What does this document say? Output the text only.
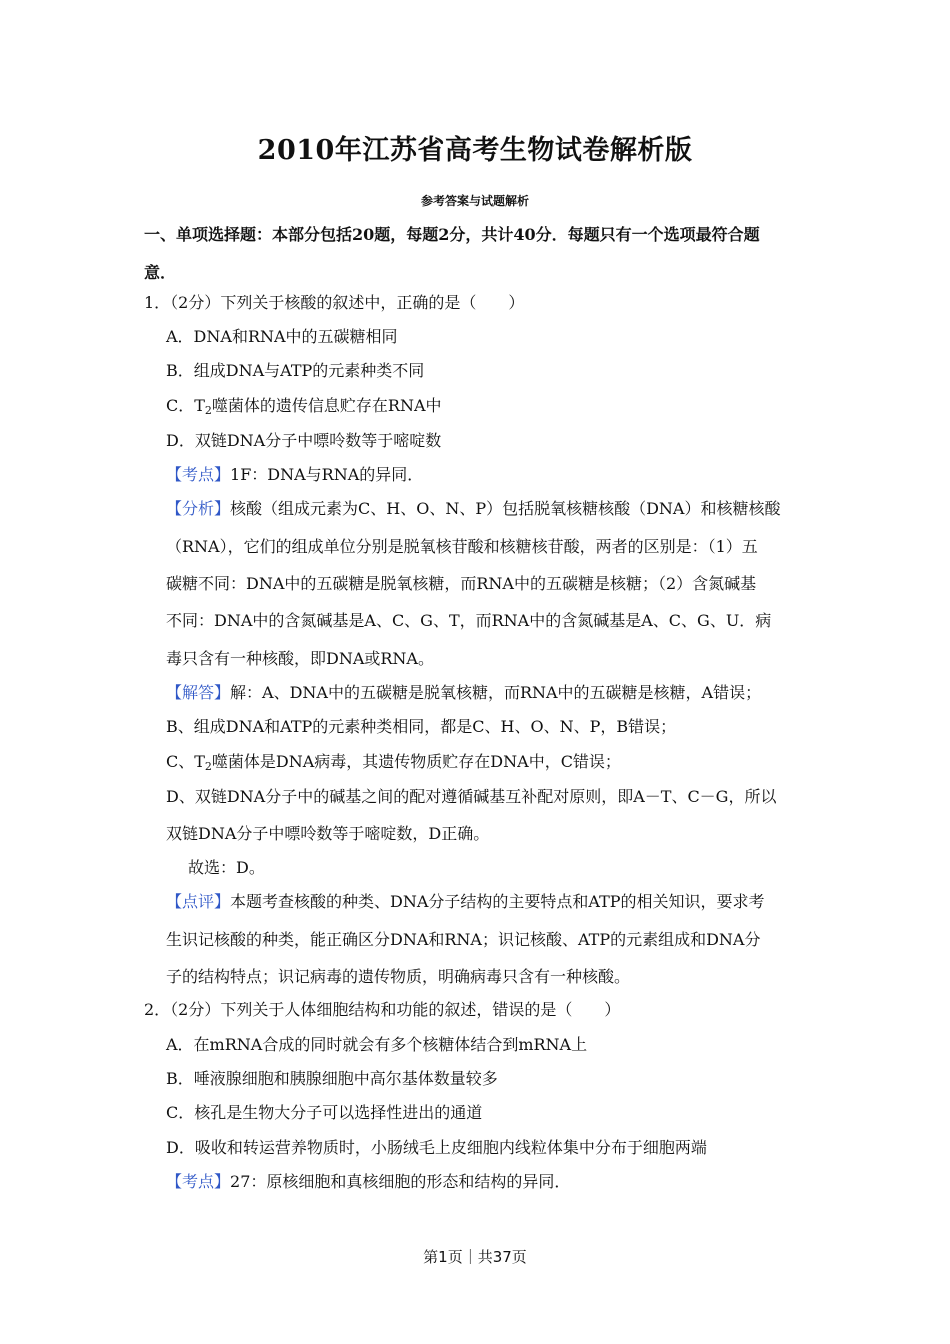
2010年江苏省高考生物试卷解析版
参考答案与试题解析
一、单项选择题：本部分包括20题，每题2分，共计40分．每题只有一个选项最符合题
意．
1．（2分）下列关于核酸的叙述中，正确的是（　　）
A．DNA和RNA中的五碳糖相同
B．组成DNA与ATP的元素种类不同
C．$T_2$噬菌体的遗传信息贮存在RNA中
D．双链DNA分子中嘌呤数等于嘧啶数
【考点】1F：DNA与RNA的异同．
【分析】核酸（组成元素为C、H、O、N、P）包括脱氧核糖核酸（DNA）和核糖核酸
（RNA），它们的组成单位分别是脱氧核苷酸和核糖核苷酸，两者的区别是：（1）五
碳糖不同：DNA中的五碳糖是脱氧核糖，而RNA中的五碳糖是核糖；（2）含氮碱基
不同：DNA中的含氮碱基是A、C、G、T，而RNA中的含氮碱基是A、C、G、U．病
毒只含有一种核酸，即DNA或RNA。
【解答】解：A、DNA中的五碳糖是脱氧核糖，而RNA中的五碳糖是核糖，A错误；
B、组成DNA和ATP的元素种类相同，都是C、H、O、N、P，B错误；
C、$T_2$噬菌体是DNA病毒，其遗传物质贮存在DNA中，C错误；
D、双链DNA分子中的碱基之间的配对遵循碱基互补配对原则，即A－T、C－G，所以
双链DNA分子中嘌呤数等于嘧啶数，D正确。
故选：D。
【点评】本题考查核酸的种类、DNA分子结构的主要特点和ATP的相关知识，要求考
生识记核酸的种类，能正确区分DNA和RNA；识记核酸、ATP的元素组成和DNA分
子的结构特点；识记病毒的遗传物质，明确病毒只含有一种核酸。
2．（2分）下列关于人体细胞结构和功能的叙述，错误的是（　　）
A．在mRNA合成的同时就会有多个核糖体结合到mRNA上
B．唾液腺细胞和胰腺细胞中高尔基体数量较多
C．核孔是生物大分子可以选择性进出的通道
D．吸收和转运营养物质时，小肠绒毛上皮细胞内线粒体集中分布于细胞两端
【考点】27：原核细胞和真核细胞的形态和结构的异同．
第1页｜共37页
